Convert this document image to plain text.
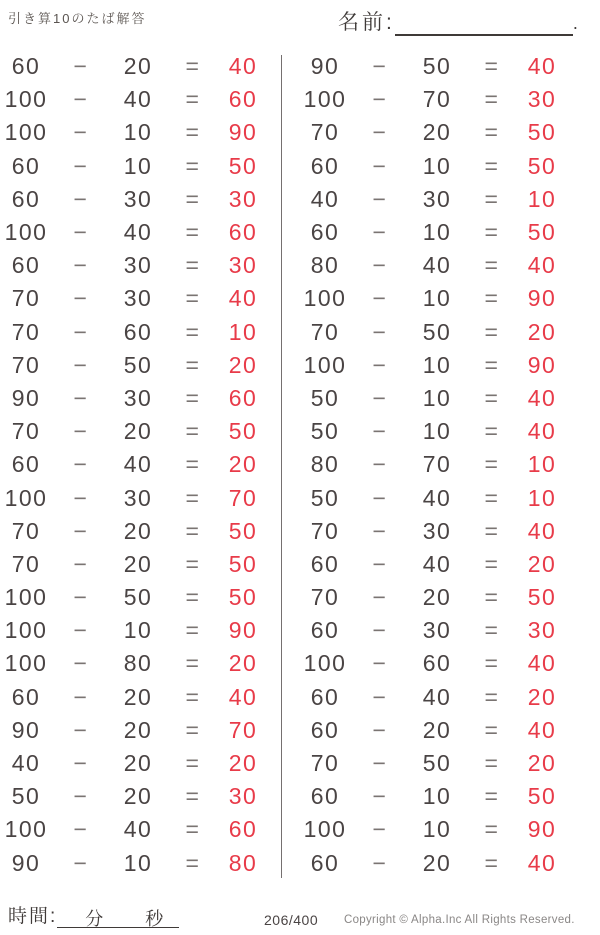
引き算10のたば解答	名前:	.
60	−	20	=	40
100	−	40	=	60
100	−	10	=	90
60	−	10	=	50
60	−	30	=	30
100	−	40	=	60
60	−	30	=	30
70	−	30	=	40
70	−	60	=	10
70	−	50	=	20
90	−	30	=	60
70	−	20	=	50
60	−	40	=	20
100	−	30	=	70
70	−	20	=	50
70	−	20	=	50
100	−	50	=	50
100	−	10	=	90
100	−	80	=	20
60	−	20	=	40
90	−	20	=	70
40	−	20	=	20
50	−	20	=	30
100	−	40	=	60
90	−	10	=	80
90	−	50	=	40
100	−	70	=	30
70	−	20	=	50
60	−	10	=	50
40	−	30	=	10
60	−	10	=	50
80	−	40	=	40
100	−	10	=	90
70	−	50	=	20
100	−	10	=	90
50	−	10	=	40
50	−	10	=	40
80	−	70	=	10
50	−	40	=	10
70	−	30	=	40
60	−	40	=	20
70	−	20	=	50
60	−	30	=	30
100	−	60	=	40
60	−	40	=	20
60	−	20	=	40
70	−	50	=	20
60	−	10	=	50
100	−	10	=	90
60	−	20	=	40
時間: 分 秒	206/400 Copyright © Alpha.Inc All Rights Reserved.
